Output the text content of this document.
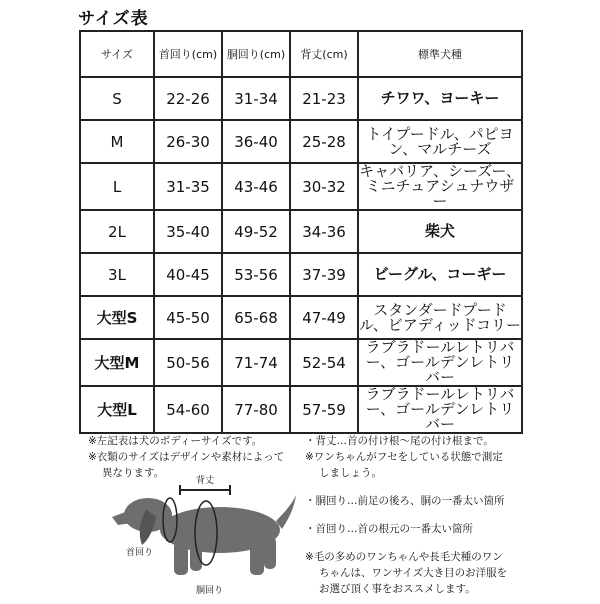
サイズ表
サイズ	首回り(cm)	胴回り(cm)	背丈(cm)	標準犬種
S	22-26	31-34	21-23	チワワ、ヨーキー
M	26-30	36-40	25-28	トイプードル、パピヨン、マルチーズ
L	31-35	43-46	30-32	キャバリア、シーズー、ミニチュアシュナウザー
2L	35-40	49-52	34-36	柴犬
3L	40-45	53-56	37-39	ビーグル、コーギー
大型S	45-50	65-68	47-49	スタンダードプードル、ビアディッドコリー
大型M	50-56	71-74	52-54	ラブラドールレトリバー、ゴールデンレトリバー
大型L	54-60	77-80	57-59	ラブラドールレトリバー、ゴールデンレトリバー

※左記表は犬のボディーサイズです。

※衣類のサイズはデザインや素材によって

異なります。

・背丈…首の付け根〜尾の付け根まで。

※ワンちゃんがフセをしている状態で測定

しましょう。

・胴回り…前足の後ろ、胴の一番太い箇所

・首回り…首の根元の一番太い箇所

※毛の多めのワンちゃんや長毛犬種のワン

ちゃんは、ワンサイズ大き目のお洋服を

お選び頂く事をおススメします。

背丈
首回り
胴回り
